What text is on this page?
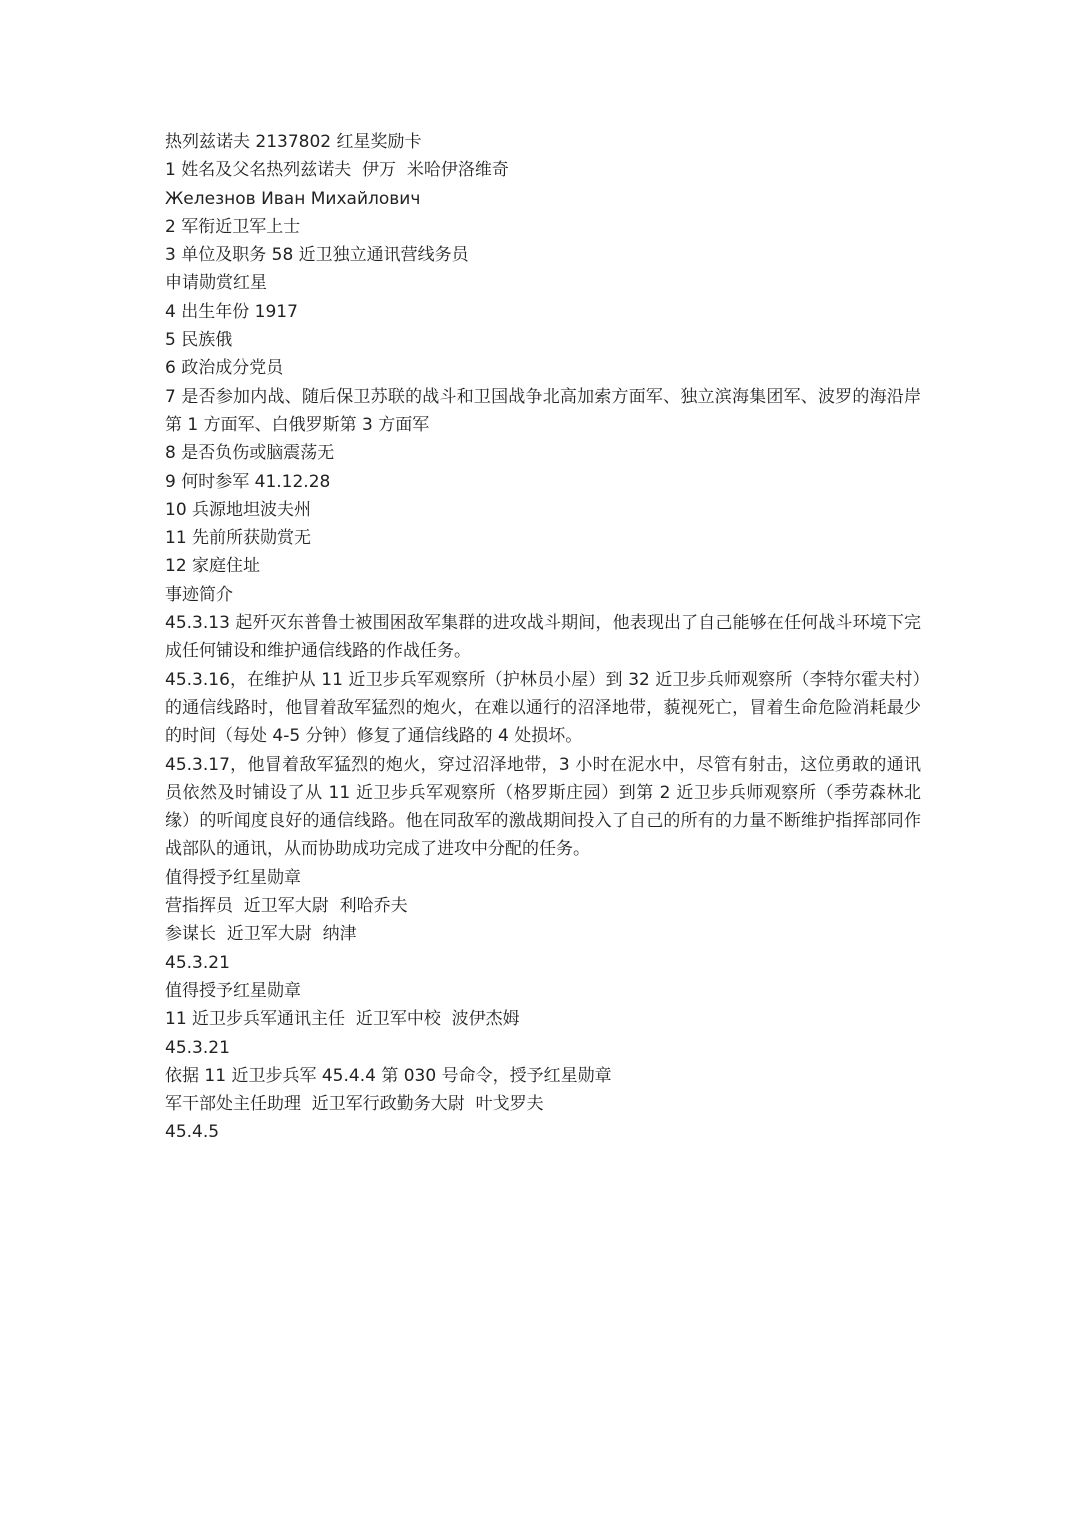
热列兹诺夫 2137802 红星奖励卡
1 姓名及父名热列兹诺夫  伊万  米哈伊洛维奇
Железнов Иван Михайлович
2 军衔近卫军上士
3 单位及职务 58 近卫独立通讯营线务员
申请勋赏红星
4 出生年份 1917
5 民族俄
6 政治成分党员
7 是否参加内战、随后保卫苏联的战斗和卫国战争北高加索方面军、独立滨海集团军、波罗的海沿岸第 1 方面军、白俄罗斯第 3 方面军
8 是否负伤或脑震荡无
9 何时参军 41.12.28
10 兵源地坦波夫州
11 先前所获勋赏无
12 家庭住址
事迹简介
45.3.13 起歼灭东普鲁士被围困敌军集群的进攻战斗期间，他表现出了自己能够在任何战斗环境下完成任何铺设和维护通信线路的作战任务。
45.3.16，在维护从 11 近卫步兵军观察所（护林员小屋）到 32 近卫步兵师观察所（李特尔霍夫村）的通信线路时，他冒着敌军猛烈的炮火，在难以通行的沼泽地带，藐视死亡，冒着生命危险消耗最少的时间（每处 4-5 分钟）修复了通信线路的 4 处损坏。
45.3.17，他冒着敌军猛烈的炮火，穿过沼泽地带，3 小时在泥水中，尽管有射击，这位勇敢的通讯员依然及时铺设了从 11 近卫步兵军观察所（格罗斯庄园）到第 2 近卫步兵师观察所（季劳森林北缘）的听闻度良好的通信线路。他在同敌军的激战期间投入了自己的所有的力量不断维护指挥部同作战部队的通讯，从而协助成功完成了进攻中分配的任务。
值得授予红星勋章
营指挥员  近卫军大尉  利哈乔夫
参谋长  近卫军大尉  纳津
45.3.21
值得授予红星勋章
11 近卫步兵军通讯主任  近卫军中校  波伊杰姆
45.3.21
依据 11 近卫步兵军 45.4.4 第 030 号命令，授予红星勋章
军干部处主任助理  近卫军行政勤务大尉  叶戈罗夫
45.4.5
